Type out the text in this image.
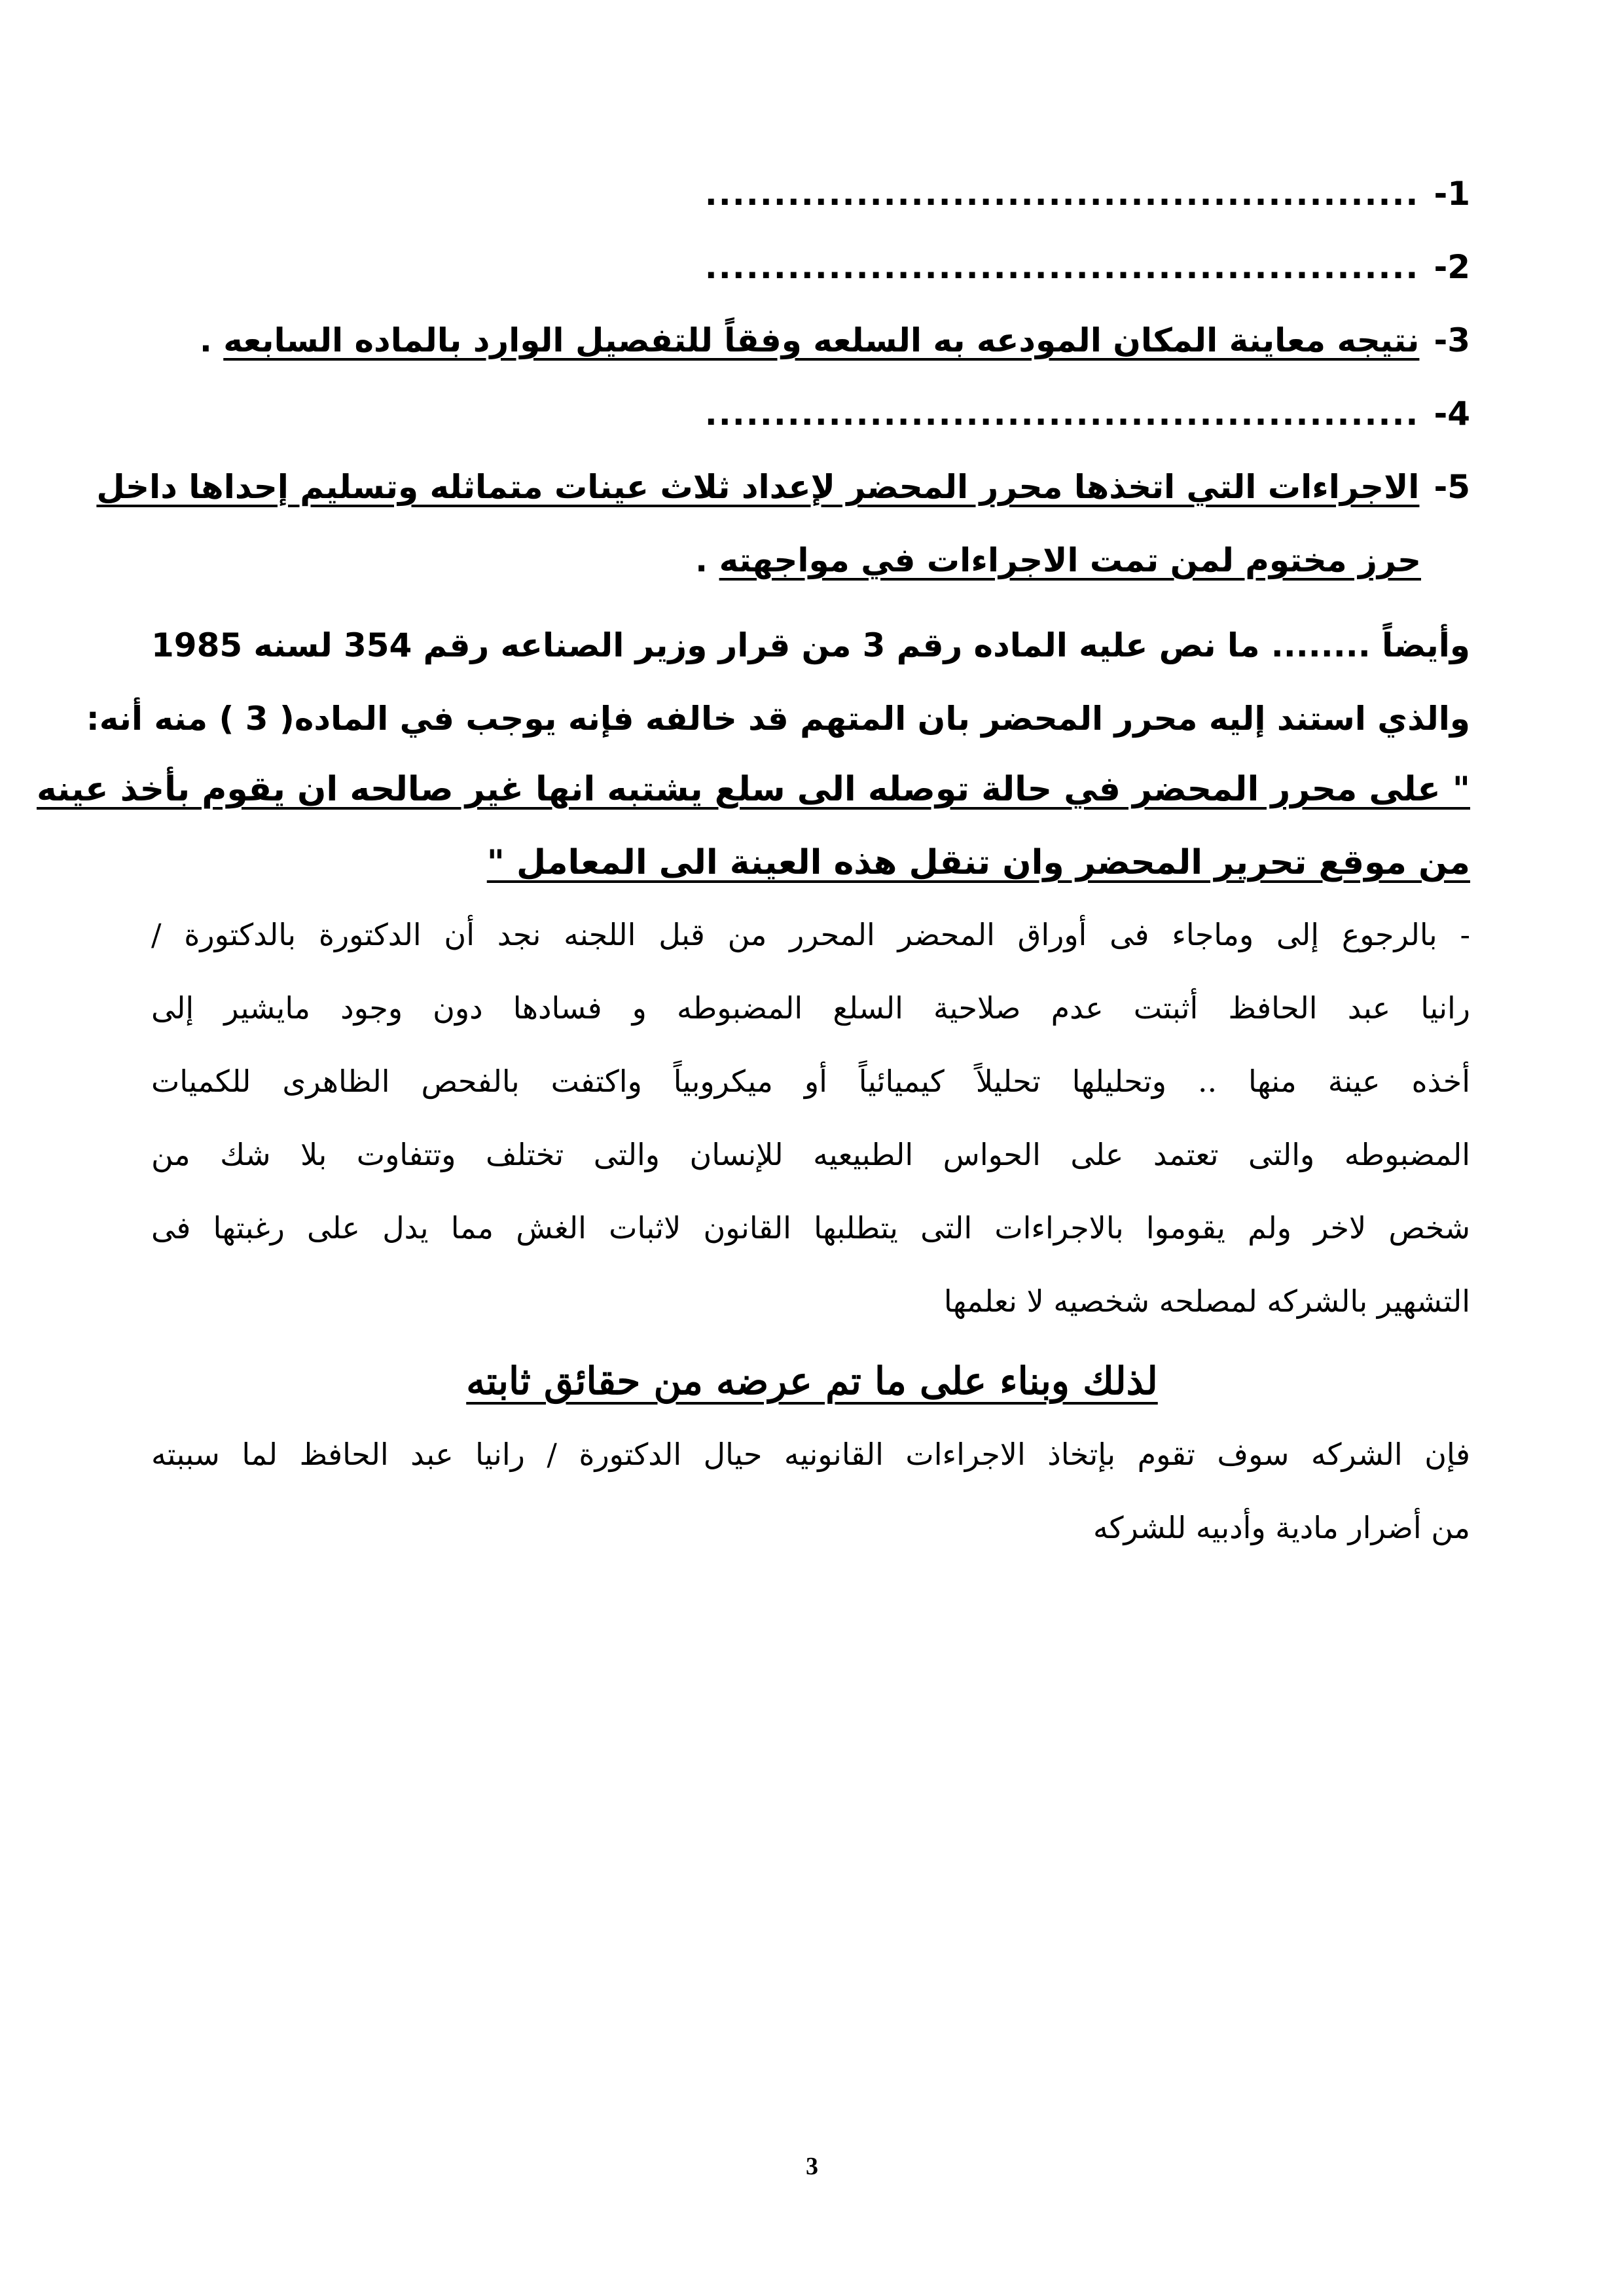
1-....................................................
2-....................................................
3-نتيجه معاينة المكان المودعه به السلعه وفقاً للتفصيل الوارد بالماده السابعه .
4-....................................................
5-الاجراءات التي اتخذها محرر المحضر لإعداد ثلاث عينات متماثله وتسليم إحداها داخل
حرز مختوم لمن تمت الاجراءات في مواجهته .
وأيضاً
........
ما
نص
عليه
الماده
رقم
3
من
قرار
وزير
الصناعه
رقم
354
لسنه
1985
والذي استند إليه محرر المحضر بان المتهم قد خالفه فإنه يوجب في الماده( 3 ) منه أنه:
" على محرر المحضر في حالة توصله الى سلع يشتبه انها غير صالحه ان يقوم بأخذ عينه
من موقع تحرير المحضر وان تنقل هذه العينة الى المعامل "
- بالرجوع إلى وماجاء فى أوراق المحضر المحرر من قبل اللجنه نجد أن الدكتورة بالدكتورة /
رانيا عبد الحافظ أثبتت عدم صلاحية السلع المضبوطه و فسادها دون وجود مايشير إلى
أخذه عينة منها .. وتحليلها تحليلاً كيميائياً أو ميكروبياً واكتفت بالفحص الظاهرى للكميات
المضبوطه والتى تعتمد على الحواس الطبيعيه للإنسان والتى تختلف وتتفاوت بلا شك من
شخص لاخر ولم يقوموا بالاجراءات التى يتطلبها القانون لاثبات الغش مما يدل على رغبتها فى
التشهير بالشركه لمصلحه شخصيه لا نعلمها
لذلك وبناء على ما تم عرضه من حقائق ثابته
فإن الشركه سوف تقوم بإتخاذ الاجراءات القانونيه حيال الدكتورة / رانيا عبد الحافظ لما سببته
من أضرار مادية وأدبيه للشركه
3
